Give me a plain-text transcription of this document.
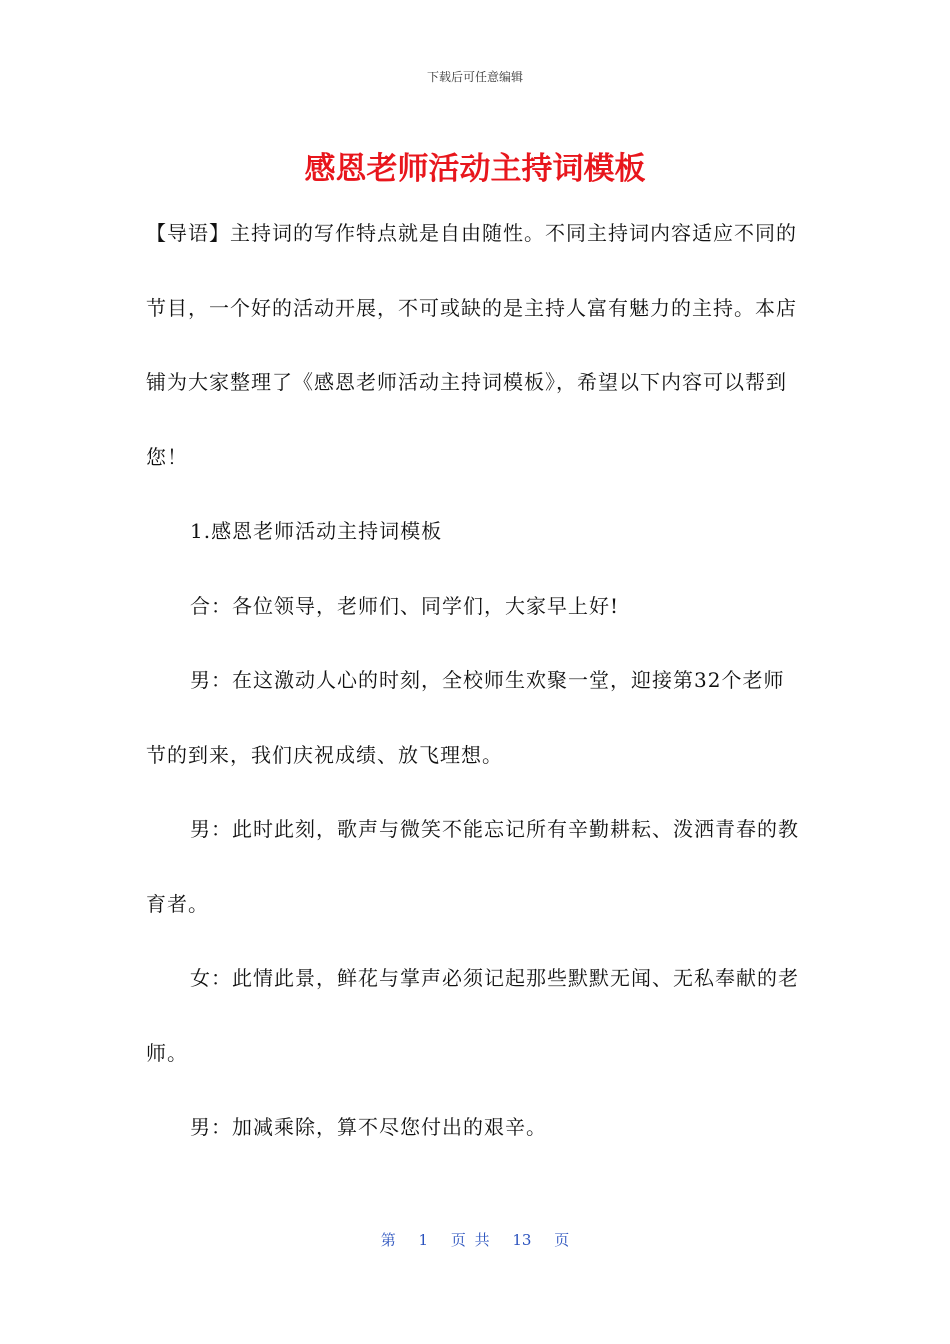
下载后可任意编辑
感恩老师活动主持词模板

【导语】主持词的写作特点就是自由随性。不同主持词内容适应不同的节目，一个好的活动开展，不可或缺的是主持人富有魅力的主持。本店铺为大家整理了《感恩老师活动主持词模板》，希望以下内容可以帮到您！

1.感恩老师活动主持词模板

合：各位领导，老师们、同学们，大家早上好!

男：在这激动人心的时刻，全校师生欢聚一堂，迎接第32个老师节的到来，我们庆祝成绩、放飞理想。

男：此时此刻，歌声与微笑不能忘记所有辛勤耕耘、泼洒青春的教育者。

女：此情此景，鲜花与掌声必须记起那些默默无闻、无私奉献的老师。

男：加减乘除，算不尽您付出的艰辛。

第 1 页 共 13 页
